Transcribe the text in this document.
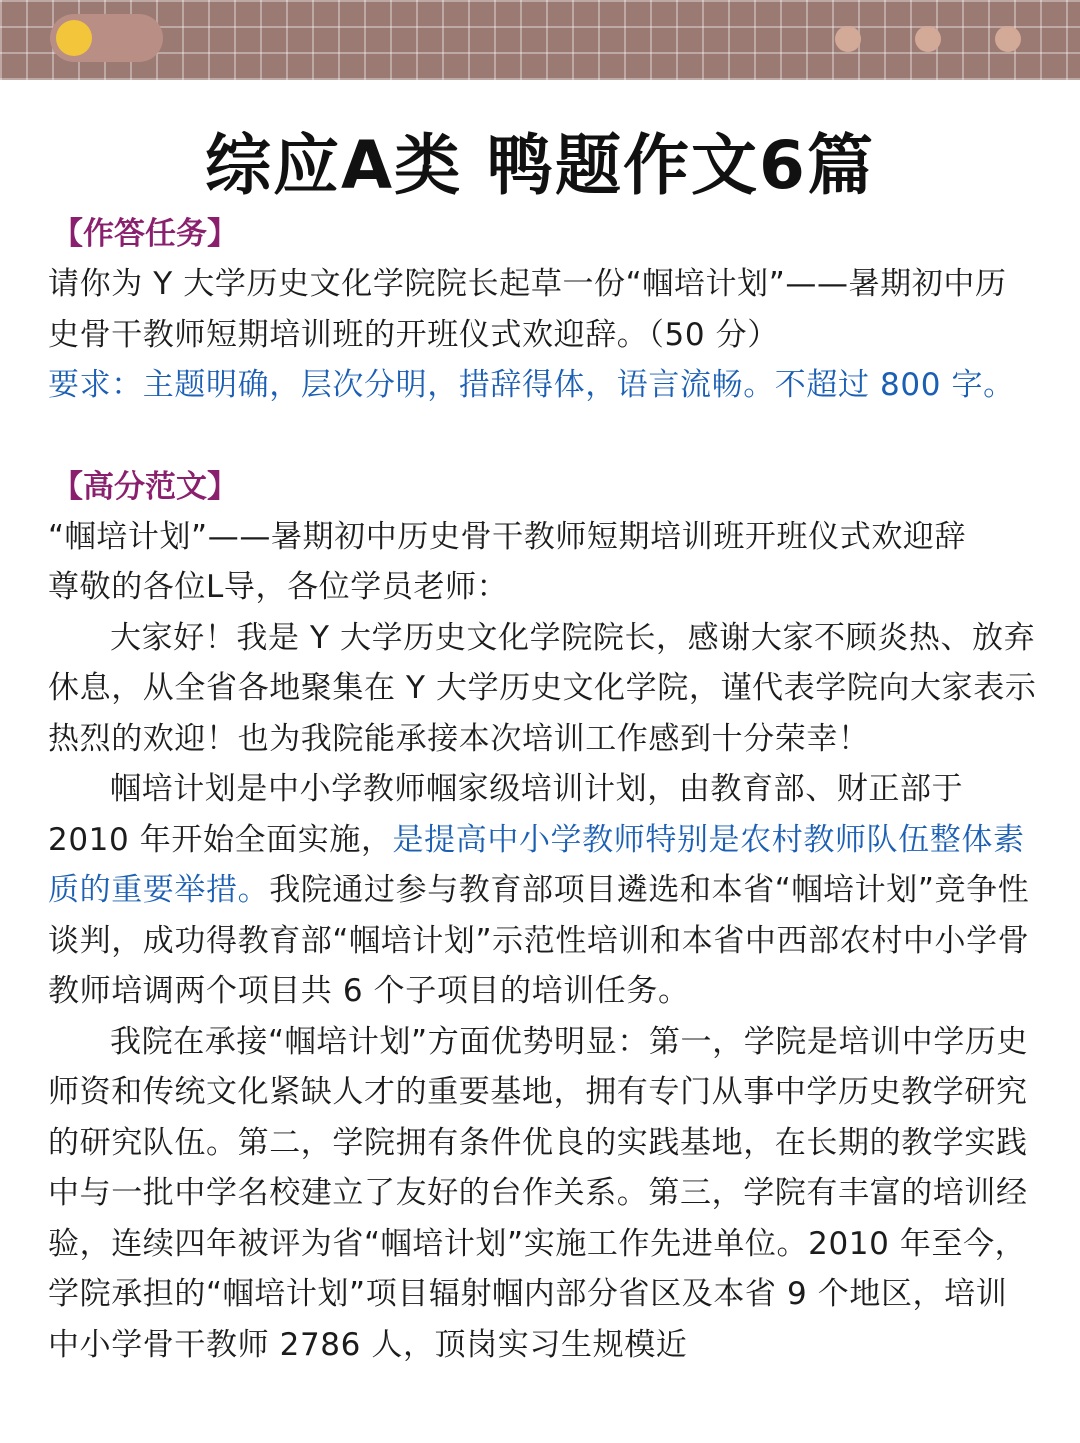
综应A类 鸭题作文6篇
【作答任务】

请你为 Y 大学历史文化学院院长起草一份“帼培计划”——暑期初中历史骨干教师短期培训班的开班仪式欢迎辞。（50 分）

要求：主题明确，层次分明，措辞得体，语言流畅。不超过 800 字。

【高分范文】

“帼培计划”——暑期初中历史骨干教师短期培训班开班仪式欢迎辞

尊敬的各位L导，各位学员老师：

大家好！我是 Y 大学历史文化学院院长，感谢大家不顾炎热、放弃休息，从全省各地聚集在 Y 大学历史文化学院，谨代表学院向大家表示热烈的欢迎！也为我院能承接本次培训工作感到十分荣幸！

帼培计划是中小学教师帼家级培训计划，由教育部、财正部于 2010 年开始全面实施，是提高中小学教师特别是农村教师队伍整体素质的重要举措。我院通过参与教育部项目遴选和本省“帼培计划”竞争性谈判，成功得教育部“帼培计划”示范性培训和本省中西部农村中小学骨教师培调两个项目共 6 个子项目的培训任务。

我院在承接“帼培计划”方面优势明显：第一，学院是培训中学历史师资和传统文化紧缺人才的重要基地，拥有专门从事中学历史教学研究的研究队伍。第二，学院拥有条件优良的实践基地，在长期的教学实践中与一批中学名校建立了友好的台作关系。第三，学院有丰富的培训经验，连续四年被评为省“帼培计划”实施工作先进单位。2010 年至今，学院承担的“帼培计划”项目辐射帼内部分省区及本省 9 个地区，培训中小学骨干教师 2786 人，顶岗实习生规模近
